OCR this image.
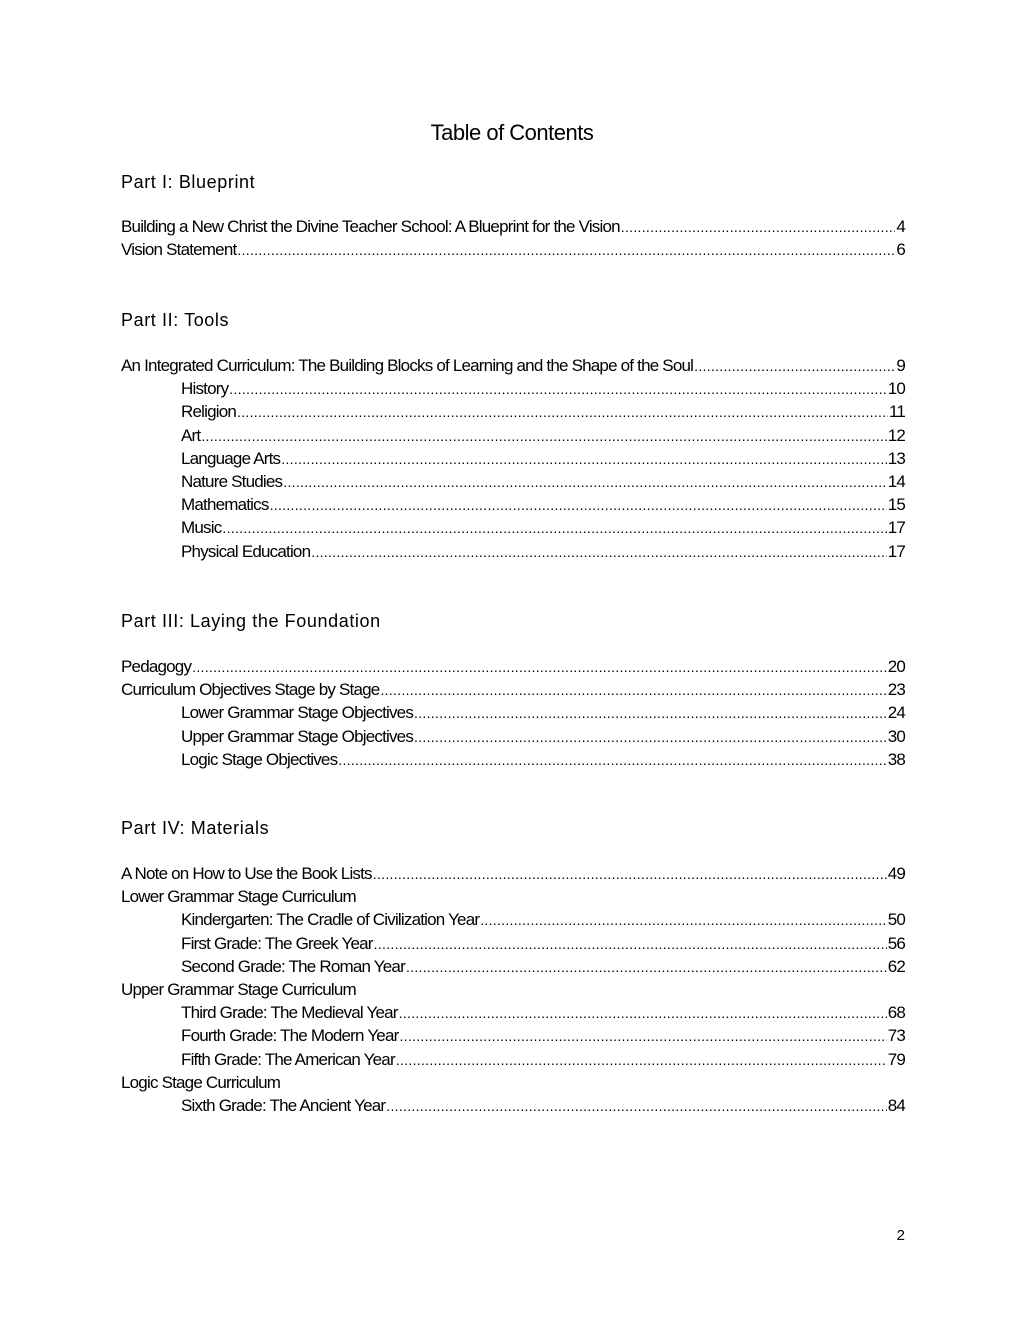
Table of Contents
Part I: Blueprint
Building a New Christ the Divine Teacher School: A Blueprint for the Vision .....	4
Vision Statement .....	6
Part II: Tools
An Integrated Curriculum: The Building Blocks of Learning and the Shape of the Soul .....	9
History .....	10
Religion .....	11
Art .....	12
Language Arts .....	13
Nature Studies .....	14
Mathematics .....	15
Music .....	17
Physical Education .....	17
Part III: Laying the Foundation
Pedagogy .....	20
Curriculum Objectives Stage by Stage .....	23
Lower Grammar Stage Objectives .....	24
Upper Grammar Stage Objectives .....	30
Logic Stage Objectives .....	38
Part IV: Materials
A Note on How to Use the Book Lists .....	49
Lower Grammar Stage Curriculum
Kindergarten: The Cradle of Civilization Year .....	50
First Grade: The Greek Year .....	56
Second Grade: The Roman Year .....	62
Upper Grammar Stage Curriculum
Third Grade: The Medieval Year .....	68
Fourth Grade: The Modern Year .....	73
Fifth Grade: The American Year .....	79
Logic Stage Curriculum
Sixth Grade: The Ancient Year .....	84
2
